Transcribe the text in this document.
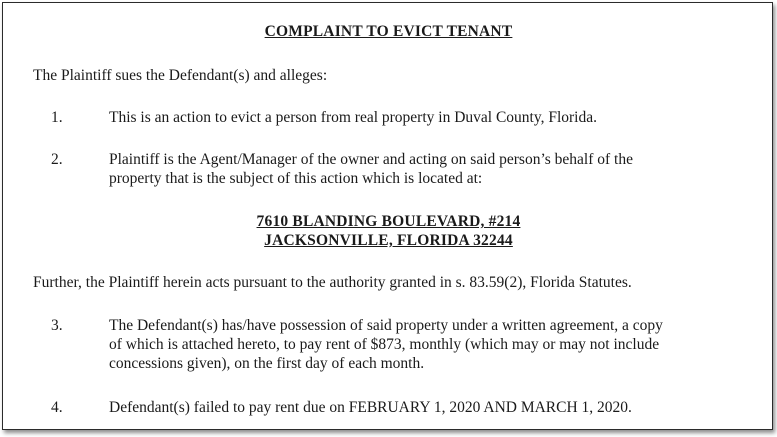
COMPLAINT TO EVICT TENANT
The Plaintiff sues the Defendant(s) and alleges:
1.	This is an action to evict a person from real property in Duval County, Florida.
2.	Plaintiff is the Agent/Manager of the owner and acting on said person’s behalf of the
property that is the subject of this action which is located at:
7610 BLANDING BOULEVARD, #214
JACKSONVILLE, FLORIDA 32244
Further, the Plaintiff herein acts pursuant to the authority granted in s. 83.59(2), Florida Statutes.
3.	The Defendant(s) has/have possession of said property under a written agreement, a copy
of which is attached hereto, to pay rent of $873, monthly (which may or may not include
concessions given), on the first day of each month.
4.	Defendant(s) failed to pay rent due on FEBRUARY 1, 2020 AND MARCH 1, 2020.
